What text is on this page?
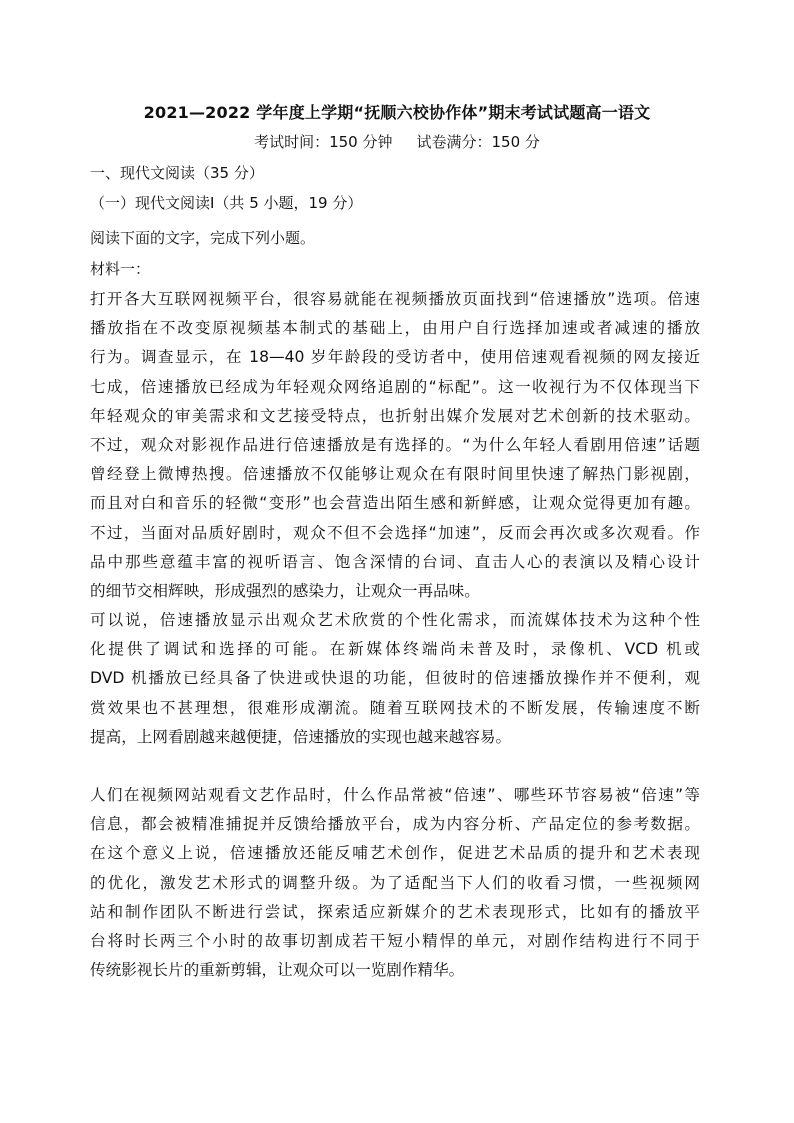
2021—2022 学年度上学期“抚顺六校协作体”期末考试试题高一语文
考试时间：150 分钟 试卷满分：150 分
一、现代文阅读（35 分）
（一）现代文阅读Ⅰ（共 5 小题，19 分）
阅读下面的文字，完成下列小题。
材料一：
打开各大互联网视频平台，很容易就能在视频播放页面找到“倍速播放”选项。倍速
播放指在不改变原视频基本制式的基础上，由用户自行选择加速或者减速的播放
行为。调查显示，在 18—40 岁年龄段的受访者中，使用倍速观看视频的网友接近
七成，倍速播放已经成为年轻观众网络追剧的“标配”。这一收视行为不仅体现当下
年轻观众的审美需求和文艺接受特点，也折射出媒介发展对艺术创新的技术驱动。
不过，观众对影视作品进行倍速播放是有选择的。“为什么年轻人看剧用倍速”话题
曾经登上微博热搜。倍速播放不仅能够让观众在有限时间里快速了解热门影视剧，
而且对白和音乐的轻微“变形”也会营造出陌生感和新鲜感，让观众觉得更加有趣。
不过，当面对品质好剧时，观众不但不会选择“加速”，反而会再次或多次观看。作
品中那些意蕴丰富的视听语言、饱含深情的台词、直击人心的表演以及精心设计
的细节交相辉映，形成强烈的感染力，让观众一再品味。
可以说，倍速播放显示出观众艺术欣赏的个性化需求，而流媒体技术为这种个性
化提供了调试和选择的可能。在新媒体终端尚未普及时，录像机、VCD 机或
DVD 机播放已经具备了快进或快退的功能，但彼时的倍速播放操作并不便利，观
赏效果也不甚理想，很难形成潮流。随着互联网技术的不断发展，传输速度不断
提高，上网看剧越来越便捷，倍速播放的实现也越来越容易。
人们在视频网站观看文艺作品时，什么作品常被“倍速”、哪些环节容易被“倍速”等
信息，都会被精准捕捉并反馈给播放平台，成为内容分析、产品定位的参考数据。
在这个意义上说，倍速播放还能反哺艺术创作，促进艺术品质的提升和艺术表现
的优化，激发艺术形式的调整升级。为了适配当下人们的收看习惯，一些视频网
站和制作团队不断进行尝试，探索适应新媒介的艺术表现形式，比如有的播放平
台将时长两三个小时的故事切割成若干短小精悍的单元，对剧作结构进行不同于
传统影视长片的重新剪辑，让观众可以一览剧作精华。
